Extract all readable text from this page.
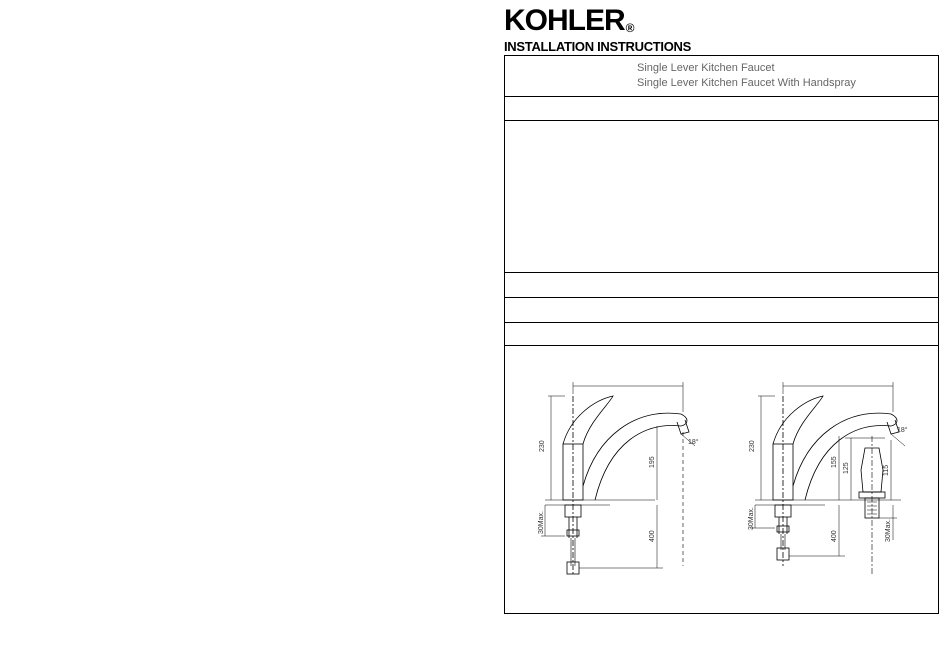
KOHLER®
INSTALLATION INSTRUCTIONS
Single Lever Kitchen Faucet
Single Lever Kitchen Faucet With Handspray
230
195
18°
30Max.
400
230
155
125	115
18°
30Max.
400	30Max.
